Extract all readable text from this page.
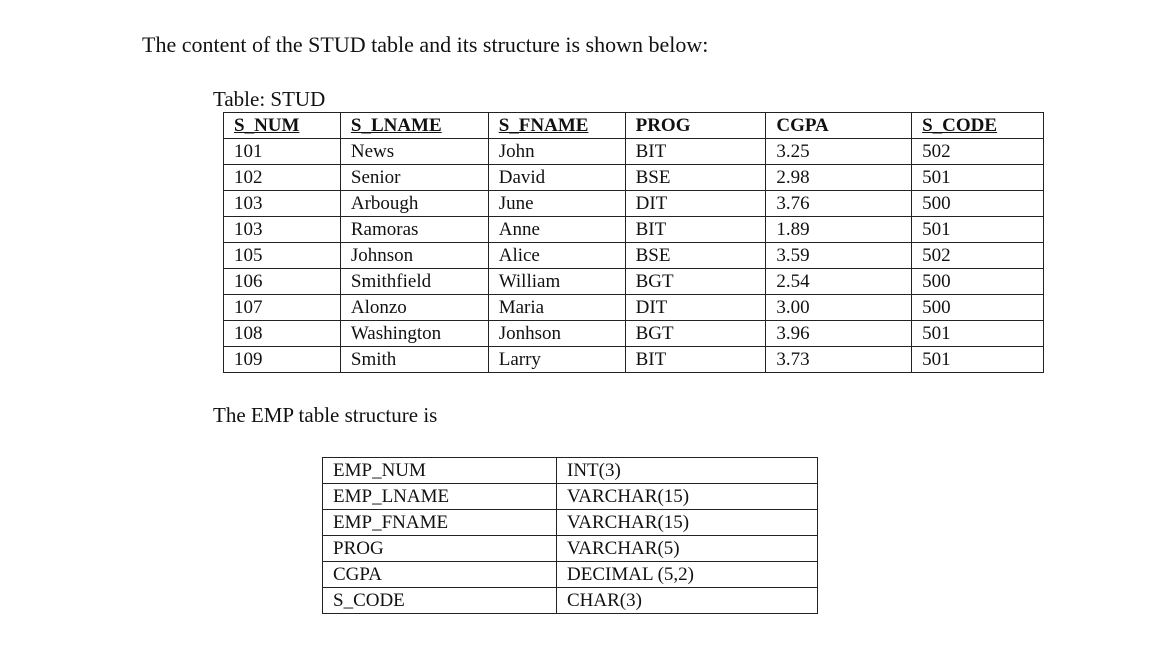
The content of the STUD table and its structure is shown below:
Table: STUD
S_NUM	S_LNAME	S_FNAME	PROG	CGPA	S_CODE
101	News	John	BIT	3.25	502
102	Senior	David	BSE	2.98	501
103	Arbough	June	DIT	3.76	500
103	Ramoras	Anne	BIT	1.89	501
105	Johnson	Alice	BSE	3.59	502
106	Smithfield	William	BGT	2.54	500
107	Alonzo	Maria	DIT	3.00	500
108	Washington	Jonhson	BGT	3.96	501
109	Smith	Larry	BIT	3.73	501
The EMP table structure is
EMP_NUM	INT(3)
EMP_LNAME	VARCHAR(15)
EMP_FNAME	VARCHAR(15)
PROG	VARCHAR(5)
CGPA	DECIMAL (5,2)
S_CODE	CHAR(3)
